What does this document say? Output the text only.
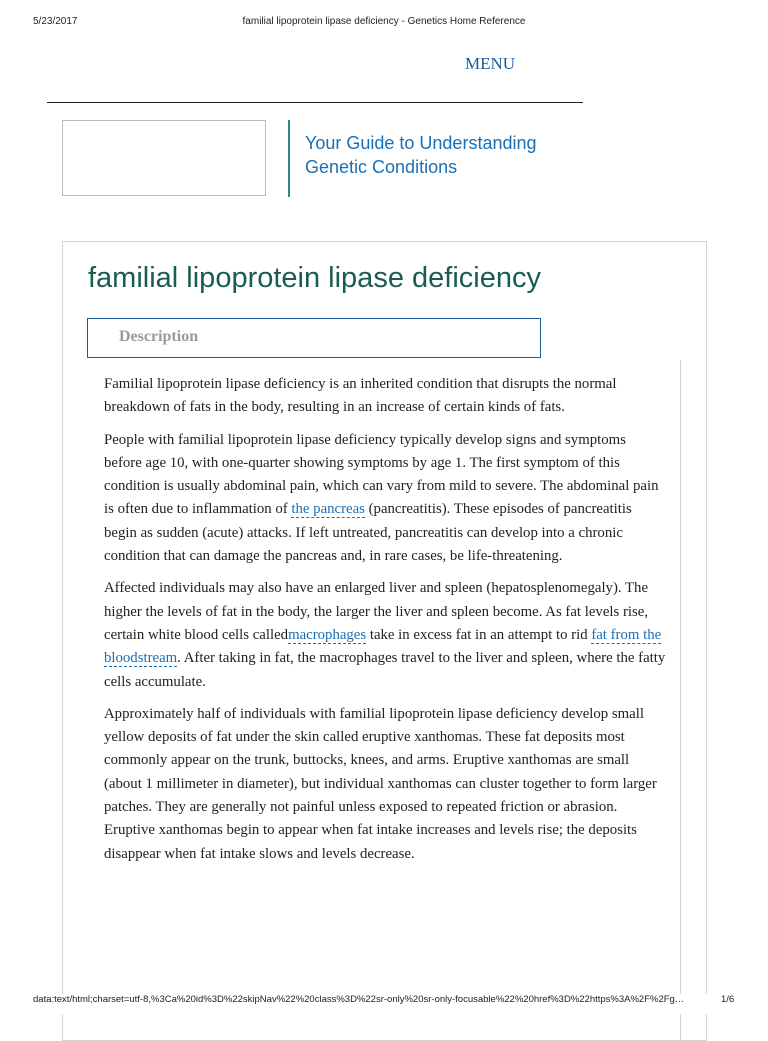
5/23/2017	familial lipoprotein lipase deficiency - Genetics Home Reference
MENU
Your Guide to Understanding
Genetic Conditions
familial lipoprotein lipase deficiency
Description

Familial lipoprotein lipase deficiency is an inherited condition that disrupts the normal breakdown of fats in the body, resulting in an increase of certain kinds of fats.

People with familial lipoprotein lipase deficiency typically develop signs and symptoms before age 10, with one-quarter showing symptoms by age 1. The first symptom of this condition is usually abdominal pain, which can vary from mild to severe. The abdominal pain is often due to inflammation of the pancreas (pancreatitis). These episodes of pancreatitis begin as sudden (acute) attacks. If left untreated, pancreatitis can develop into a chronic condition that can damage the pancreas and, in rare cases, be life-threatening.

Affected individuals may also have an enlarged liver and spleen (hepatosplenomegaly). The higher the levels of fat in the body, the larger the liver and spleen become. As fat levels rise, certain white blood cells calledmacrophages take in excess fat in an attempt to rid fat from the bloodstream. After taking in fat, the macrophages travel to the liver and spleen, where the fatty cells accumulate.

Approximately half of individuals with familial lipoprotein lipase deficiency develop small yellow deposits of fat under the skin called eruptive xanthomas. These fat deposits most commonly appear on the trunk, buttocks, knees, and arms. Eruptive xanthomas are small (about 1 millimeter in diameter), but individual xanthomas can cluster together to form larger patches. They are generally not painful unless exposed to repeated friction or abrasion. Eruptive xanthomas begin to appear when fat intake increases and levels rise; the deposits disappear when fat intake slows and levels decrease.

data:text/html;charset=utf-8,%3Ca%20id%3D%22skipNav%22%20class%3D%22sr-only%20sr-only-focusable%22%20href%3D%22https%3A%2F%2Fg…	1/6
